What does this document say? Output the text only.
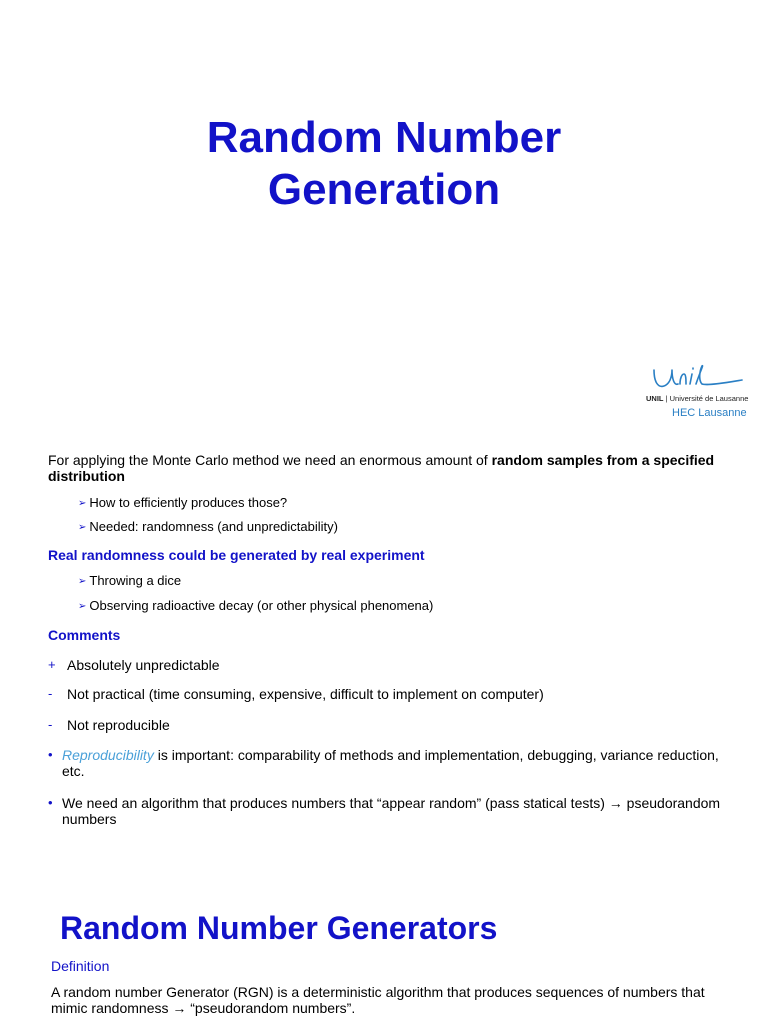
Random Number
Generation
UNIL | Université de Lausanne
HEC Lausanne

For applying the Monte Carlo method we need an enormous amount of random samples from a specified distribution

➢ How to efficiently produces those?
➢ Needed: randomness (and unpredictability)
Real randomness could be generated by real experiment
➢ Throwing a dice
➢ Observing radioactive decay (or other physical phenomena)
Comments
+ Absolutely unpredictable
-	Not practical (time consuming, expensive, difficult to implement on computer)
-	Not reproducible
• Reproducibility is important: comparability of methods and implementation, debugging, variance reduction, etc.
• We need an algorithm that produces numbers that “appear random” (pass statical tests) → pseudorandom numbers
Random Number Generators
Definition
A random number Generator (RGN) is a deterministic algorithm that produces sequences of numbers that mimic randomness → “pseudorandom numbers”.
